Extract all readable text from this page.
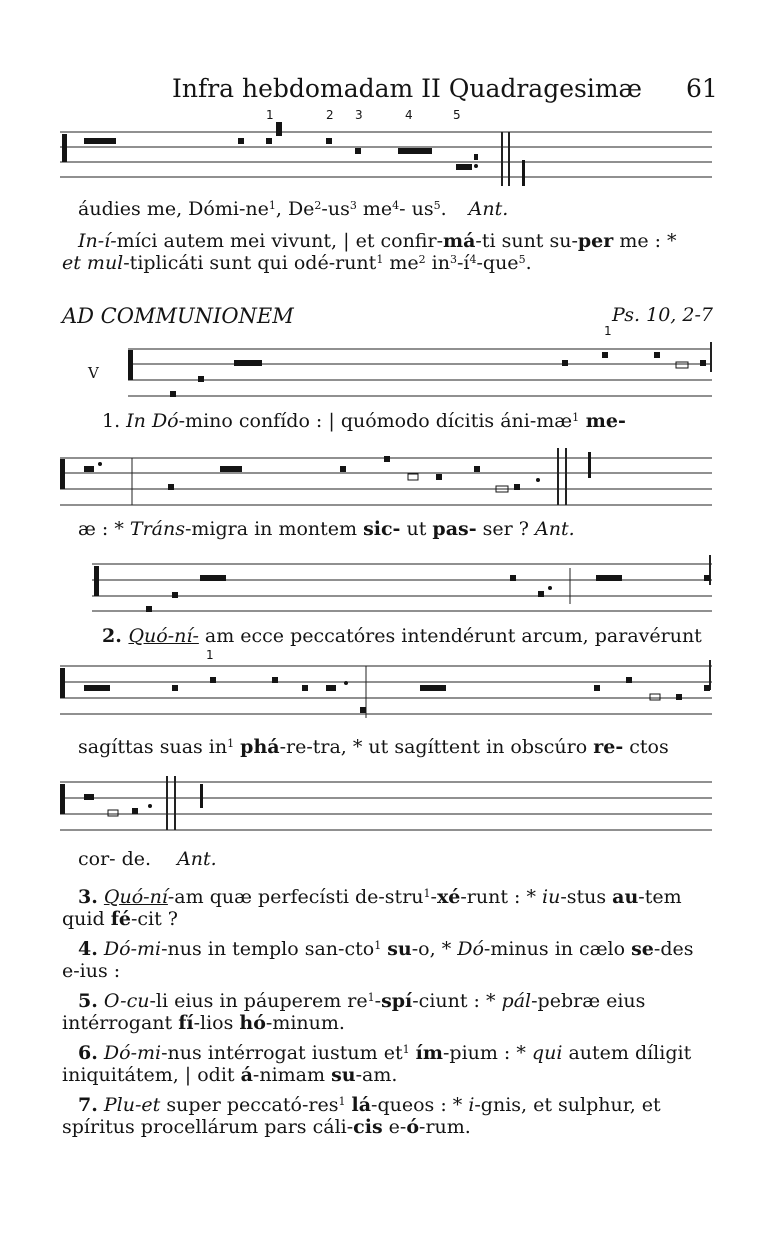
Infra hebdomadam II Quadragesimæ 61
1	2 3	4	5
áudies me, Dómi-$ne^1$, $De^2-us^3$ $me^4-$ $us^5$. Ant.
In-í-míci autem mei vivunt, | et confir-má-ti sunt su-per me : *
et mul-tiplicáti sunt qui odé-runt$^1$ $me^2$ $in^3-í^4-que^5$.
AD COMMUNIONEM	Ps. 10, 2-7
1
V
1. In Dó-mino confído : | quómodo dícitis áni-$mæ^1$ me-
æ : * Tráns-migra in montem sic- ut pas- ser ? Ant.
2. Quó-ní- am ecce peccatóres intendérunt arcum, paravérunt
1
sagíttas suas $in^1$ phá-re-tra, * ut sagíttent in obscúro re- ctos
cor- de. Ant.
3. Quó-ní-am quæ perfecísti de-stru$^1$-xé-runt : * iu-stus au-tem
quid fé-cit ?
4. Dó-mi-nus in templo san-cto$^1$ su-o, * Dó-minus in cælo se-des
e-ius :
5. O-cu-li eius in páuperem $re^1-spí$-ciunt : * pál-pebræ eius
intérrogant fí-lios hó-minum.
6. Dó-mi-nus intérrogat iustum $et^1$ ím-pium : * qui autem díligit
iniquitátem, | odit á-nimam su-am.
7. Plu-et super peccató-res$^1$ lá-queos : * i-gnis, et sulphur, et
spíritus procellárum pars cáli-cis e-ó-rum.
